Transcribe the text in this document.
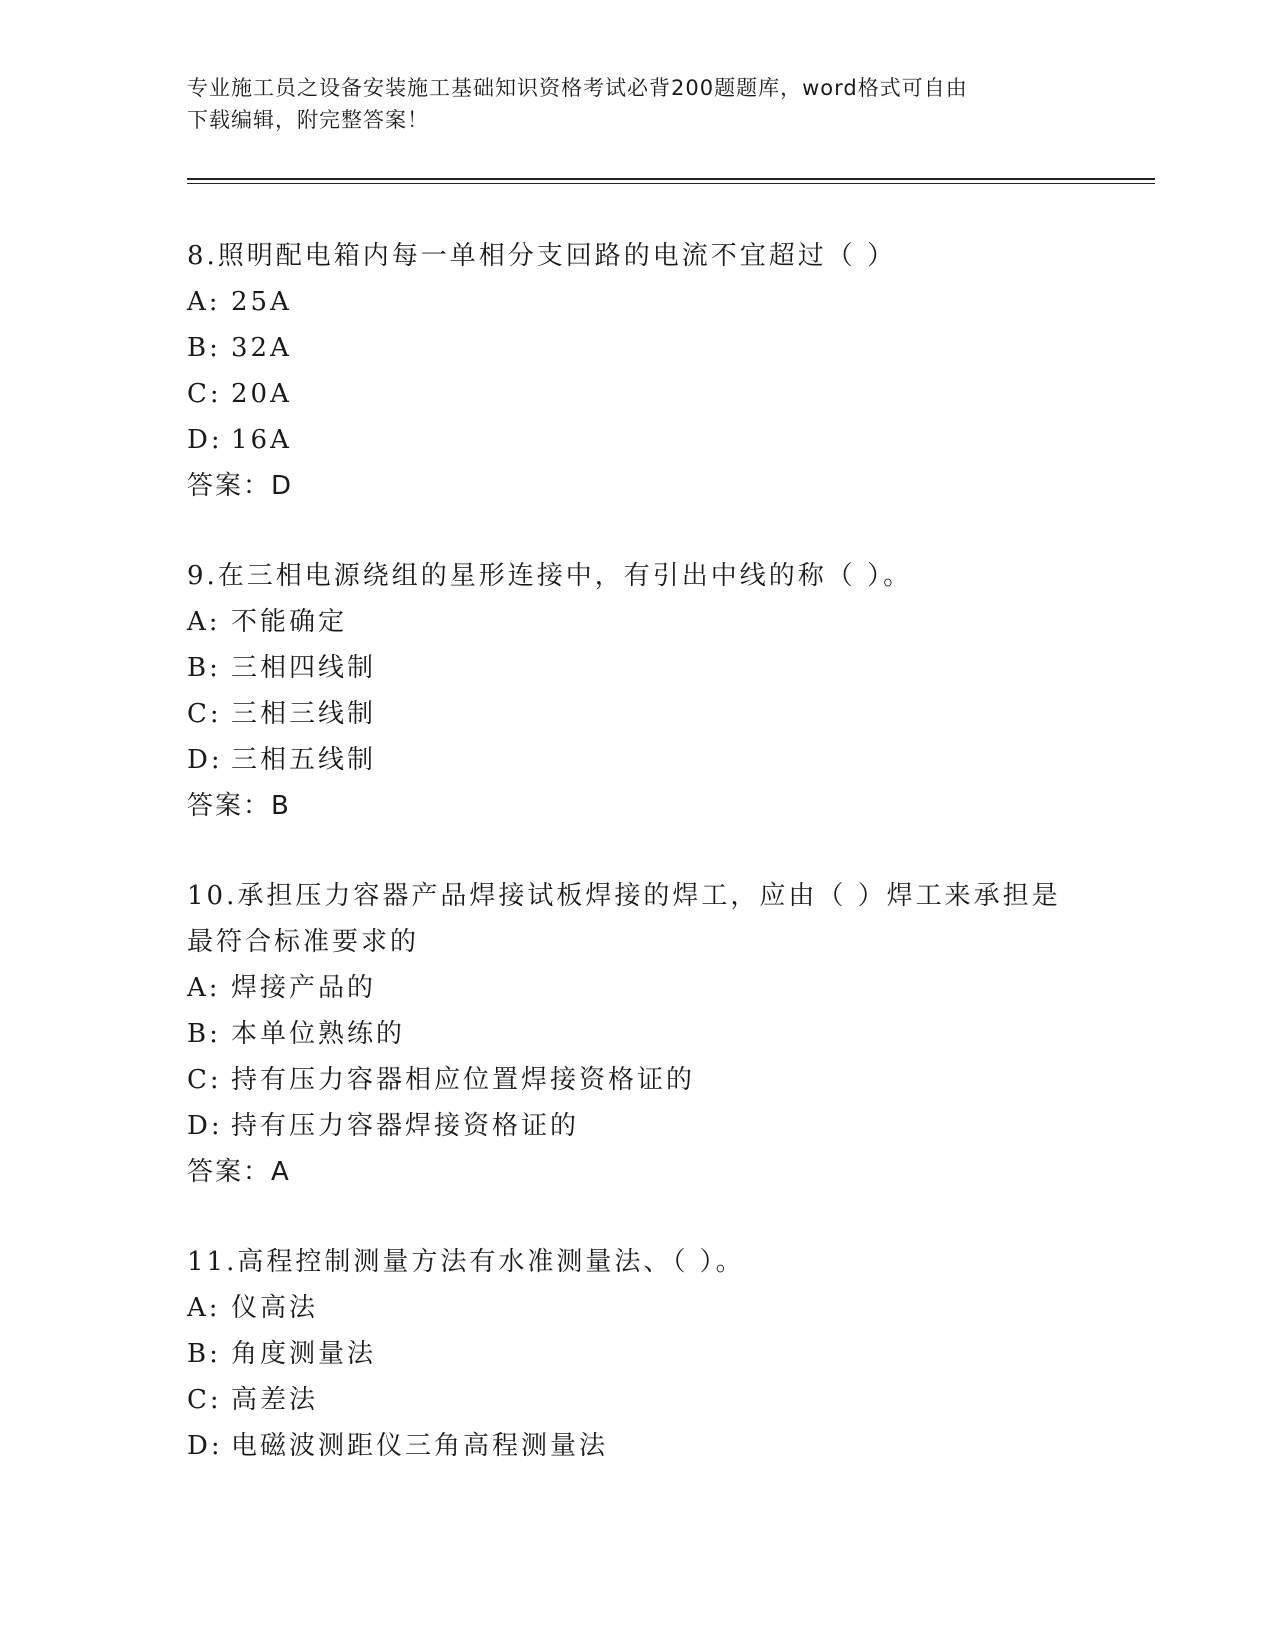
专业施工员之设备安装施工基础知识资格考试必背200题题库，word格式可自由
下载编辑，附完整答案！

8.照明配电箱内每一单相分支回路的电流不宜超过（ ）

A: 25A

B: 32A

C: 20A

D: 16A

答案：D

9.在三相电源绕组的星形连接中，有引出中线的称（ ）。

A: 不能确定

B: 三相四线制

C: 三相三线制

D: 三相五线制

答案：B

10.承担压力容器产品焊接试板焊接的焊工，应由（ ）焊工来承担是最符合标准要求的

A: 焊接产品的

B: 本单位熟练的

C: 持有压力容器相应位置焊接资格证的

D: 持有压力容器焊接资格证的

答案：A

11.高程控制测量方法有水准测量法、（ ）。

A: 仪高法

B: 角度测量法

C: 高差法

D: 电磁波测距仪三角高程测量法
